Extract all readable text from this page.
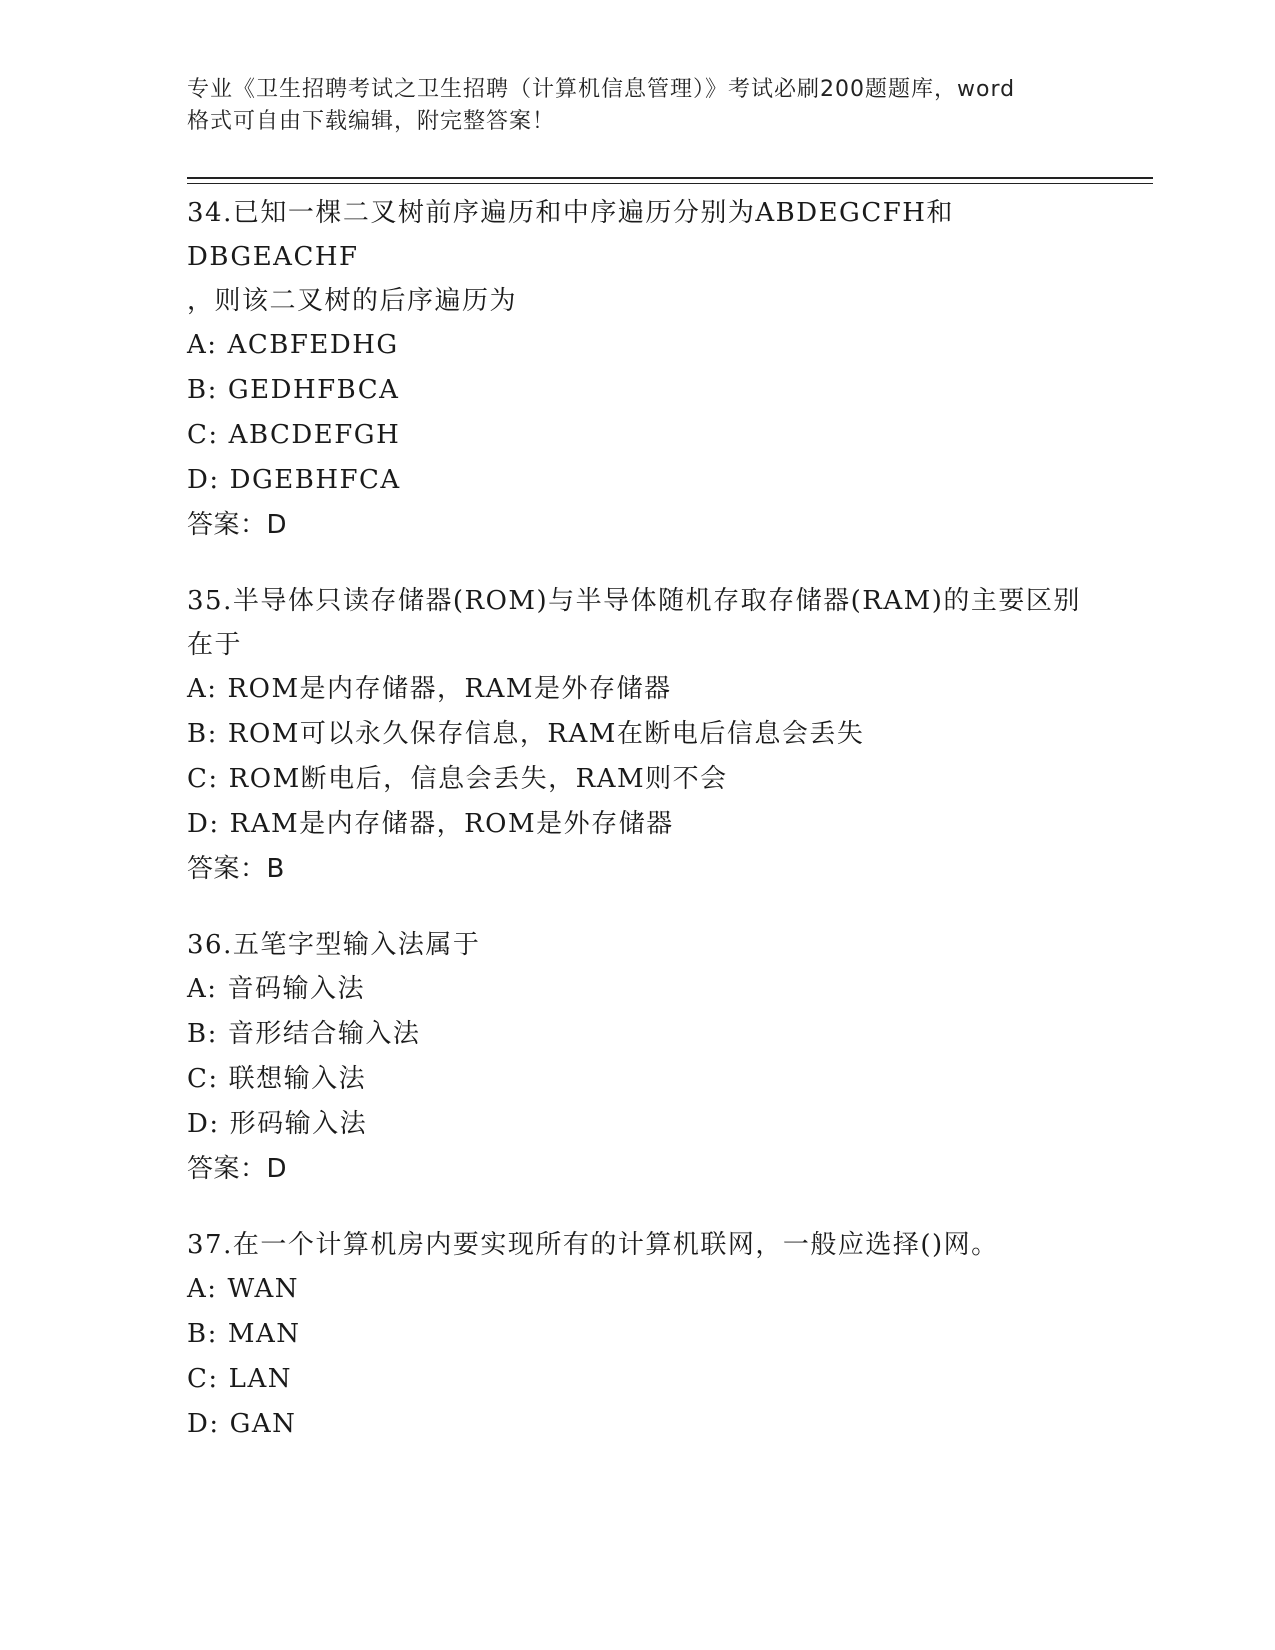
专业《卫生招聘考试之卫生招聘（计算机信息管理）》考试必刷200题题库，word
格式可自由下载编辑，附完整答案！
34.已知一棵二叉树前序遍历和中序遍历分别为ABDEGCFH和DBGEACHF
，则该二叉树的后序遍历为
A: ACBFEDHG
B: GEDHFBCA
C: ABCDEFGH
D: DGEBHFCA
答案：D
35.半导体只读存储器(ROM)与半导体随机存取存储器(RAM)的主要区别
在于
A: ROM是内存储器，RAM是外存储器
B: ROM可以永久保存信息，RAM在断电后信息会丢失
C: ROM断电后，信息会丢失，RAM则不会
D: RAM是内存储器，ROM是外存储器
答案：B
36.五笔字型输入法属于
A: 音码输入法
B: 音形结合输入法
C: 联想输入法
D: 形码输入法
答案：D
37.在一个计算机房内要实现所有的计算机联网，一般应选择()网。
A: WAN
B: MAN
C: LAN
D: GAN
